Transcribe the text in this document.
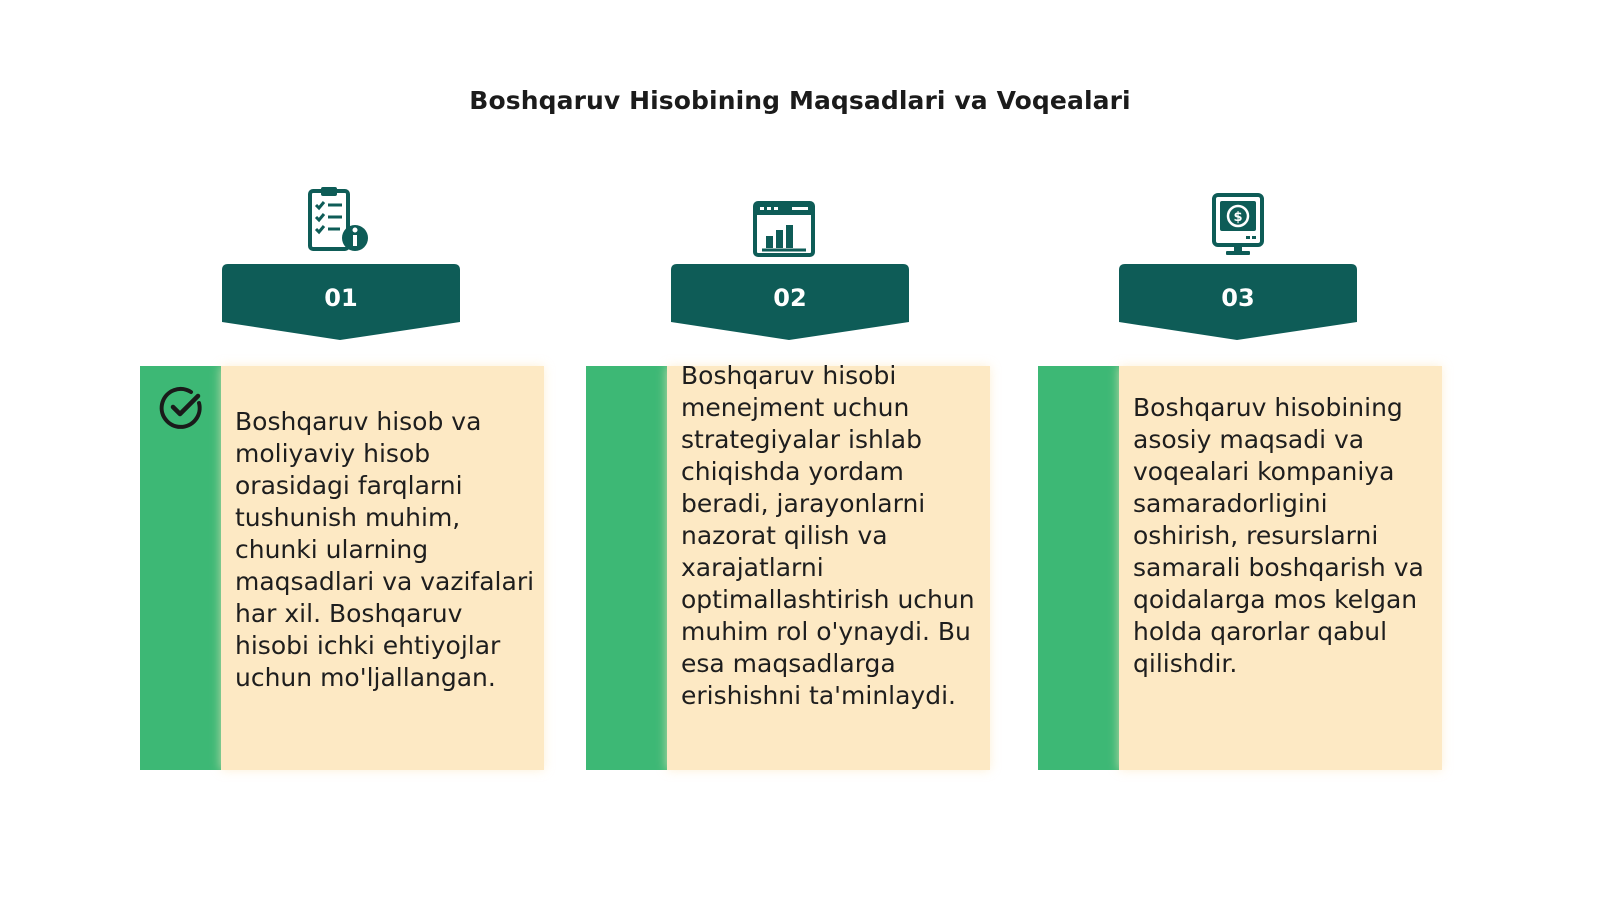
Boshqaruv Hisobining Maqsadlari va Voqealari
01
Boshqaruv hisob va moliyaviy hisob orasidagi farqlarni tushunish muhim, chunki ularning maqsadlari va vazifalari har xil. Boshqaruv hisobi ichki ehtiyojlar uchun mo'ljallangan.
02
Boshqaruv hisobi menejment uchun strategiyalar ishlab chiqishda yordam beradi, jarayonlarni nazorat qilish va xarajatlarni optimallashtirish uchun muhim rol o'ynaydi. Bu esa maqsadlarga erishishni ta'minlaydi.
$
03
Boshqaruv hisobining asosiy maqsadi va voqealari kompaniya samaradorligini oshirish, resurslarni samarali boshqarish va qoidalarga mos kelgan holda qarorlar qabul qilishdir.
